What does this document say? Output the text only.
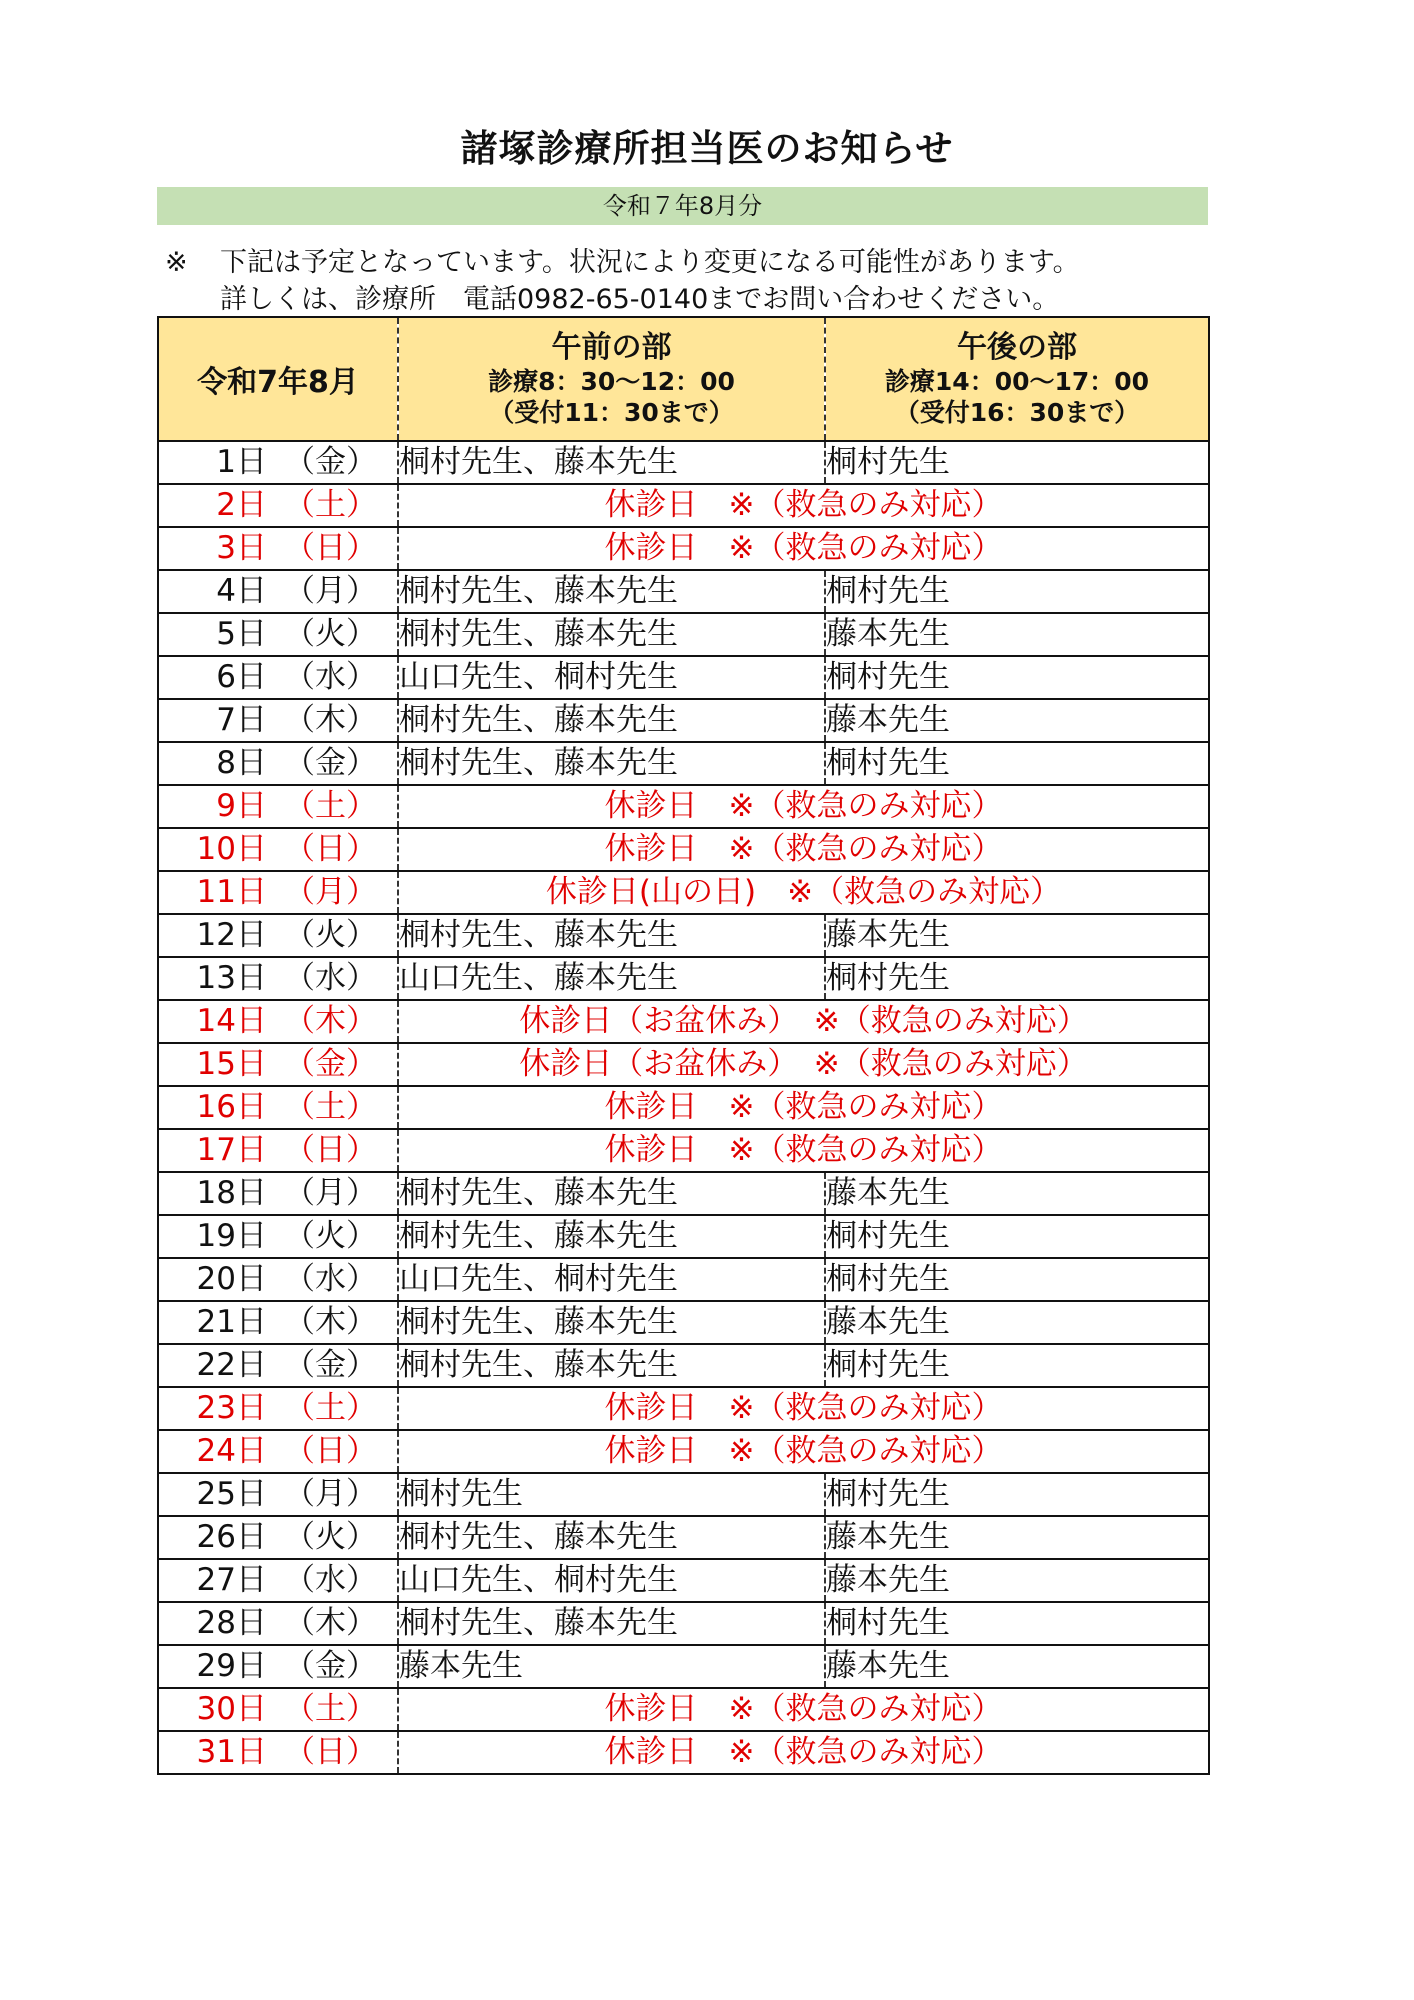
諸塚診療所担当医のお知らせ
令和７年8月分
※ 下記は予定となっています。状況により変更になる可能性があります。
詳しくは、診療所　電話0982-65-0140までお問い合わせください。
令和7年8月	午前の部
診療8：30～12：00
（受付11：30まで）	午後の部
診療14：00～17：00
（受付16：30まで）

1日 （金）	桐村先生、藤本先生	桐村先生
2日 （土）	休診日　※（救急のみ対応）	
3日 （日）	休診日　※（救急のみ対応）	
4日 （月）	桐村先生、藤本先生	桐村先生
5日 （火）	桐村先生、藤本先生	藤本先生
6日 （水）	山口先生、桐村先生	桐村先生
7日 （木）	桐村先生、藤本先生	藤本先生
8日 （金）	桐村先生、藤本先生	桐村先生
9日 （土）	休診日　※（救急のみ対応）	
10日 （日）	休診日　※（救急のみ対応）	
11日 （月）	休診日(山の日)　※（救急のみ対応）	
12日 （火）	桐村先生、藤本先生	藤本先生
13日 （水）	山口先生、藤本先生	桐村先生
14日 （木）	休診日（お盆休み）　※（救急のみ対応）	
15日 （金）	休診日（お盆休み）　※（救急のみ対応）	
16日 （土）	休診日　※（救急のみ対応）	
17日 （日）	休診日　※（救急のみ対応）	
18日 （月）	桐村先生、藤本先生	藤本先生
19日 （火）	桐村先生、藤本先生	桐村先生
20日 （水）	山口先生、桐村先生	桐村先生
21日 （木）	桐村先生、藤本先生	藤本先生
22日 （金）	桐村先生、藤本先生	桐村先生
23日 （土）	休診日　※（救急のみ対応）	
24日 （日）	休診日　※（救急のみ対応）	
25日 （月）	桐村先生	桐村先生
26日 （火）	桐村先生、藤本先生	藤本先生
27日 （水）	山口先生、桐村先生	藤本先生
28日 （木）	桐村先生、藤本先生	桐村先生
29日 （金）	藤本先生	藤本先生
30日 （土）	休診日　※（救急のみ対応）	
31日 （日）	休診日　※（救急のみ対応）	
